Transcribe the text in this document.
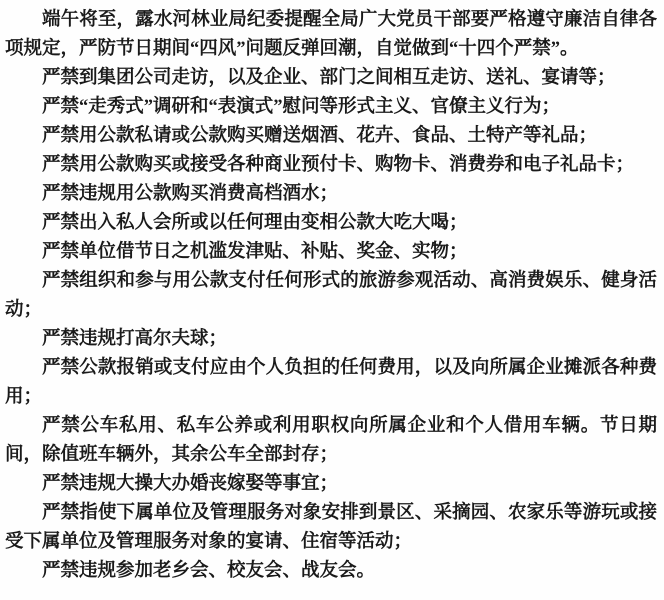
端午将至，露水河林业局纪委提醒全局广大党员干部要严格遵守廉洁自律各项规定，严防节日期间“四风”问题反弹回潮，自觉做到“十四个严禁”。

严禁到集团公司走访，以及企业、部门之间相互走访、送礼、宴请等；

严禁“走秀式”调研和“表演式”慰问等形式主义、官僚主义行为；

严禁用公款私请或公款购买赠送烟酒、花卉、食品、土特产等礼品；

严禁用公款购买或接受各种商业预付卡、购物卡、消费券和电子礼品卡；

严禁违规用公款购买消费高档酒水；

严禁出入私人会所或以任何理由变相公款大吃大喝；

严禁单位借节日之机滥发津贴、补贴、奖金、实物；

严禁组织和参与用公款支付任何形式的旅游参观活动、高消费娱乐、健身活动；

严禁违规打高尔夫球；

严禁公款报销或支付应由个人负担的任何费用，以及向所属企业摊派各种费用；

严禁公车私用、私车公养或利用职权向所属企业和个人借用车辆。节日期间，除值班车辆外，其余公车全部封存；

严禁违规大操大办婚丧嫁娶等事宜；

严禁指使下属单位及管理服务对象安排到景区、采摘园、农家乐等游玩或接受下属单位及管理服务对象的宴请、住宿等活动；

严禁违规参加老乡会、校友会、战友会。
